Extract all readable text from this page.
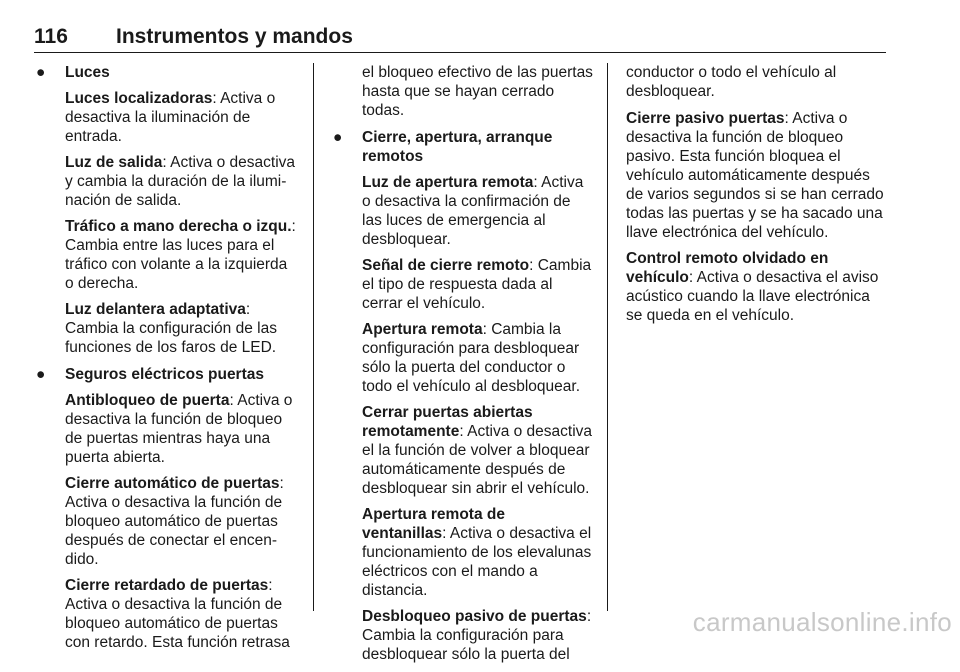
116 Instrumentos y mandos
● Luces

Luces localizadoras: Activa o desactiva la iluminación de entrada.

Luz de salida: Activa o desactiva y cambia la duración de la iluminación de salida.

Tráfico a mano derecha o izqu.: Cambia entre las luces para el tráfico con volante a la izquierda o derecha.

Luz delantera adaptativa: Cambia la configuración de las funciones de los faros de LED.

● Seguros eléctricos puertas

Antibloqueo de puerta: Activa o desactiva la función de bloqueo de puertas mientras haya una puerta abierta.

Cierre automático de puertas: Activa o desactiva la función de bloqueo automático de puertas después de conectar el encendido.

Cierre retardado de puertas: Activa o desactiva la función de bloqueo automático de puertas con retardo. Esta función retrasa

el bloqueo efectivo de las puertas hasta que se hayan cerrado todas.

● Cierre, apertura, arranque remotos

Luz de apertura remota: Activa o desactiva la confirmación de las luces de emergencia al desbloquear.

Señal de cierre remoto: Cambia el tipo de respuesta dada al cerrar el vehículo.

Apertura remota: Cambia la configuración para desbloquear sólo la puerta del conductor o todo el vehículo al desbloquear.

Cerrar puertas abiertas remotamente: Activa o desactiva el la función de volver a bloquear automáticamente después de desbloquear sin abrir el vehículo.

Apertura remota de ventanillas: Activa o desactiva el funcionamiento de los elevalunas eléctricos con el mando a distancia.

Desbloqueo pasivo de puertas: Cambia la configuración para desbloquear sólo la puerta del

conductor o todo el vehículo al desbloquear.

Cierre pasivo puertas: Activa o desactiva la función de bloqueo pasivo. Esta función bloquea el vehículo automáticamente después de varios segundos si se han cerrado todas las puertas y se ha sacado una llave electrónica del vehículo.

Control remoto olvidado en vehículo: Activa o desactiva el aviso acústico cuando la llave electrónica se queda en el vehículo.

carmanualsonline.info
